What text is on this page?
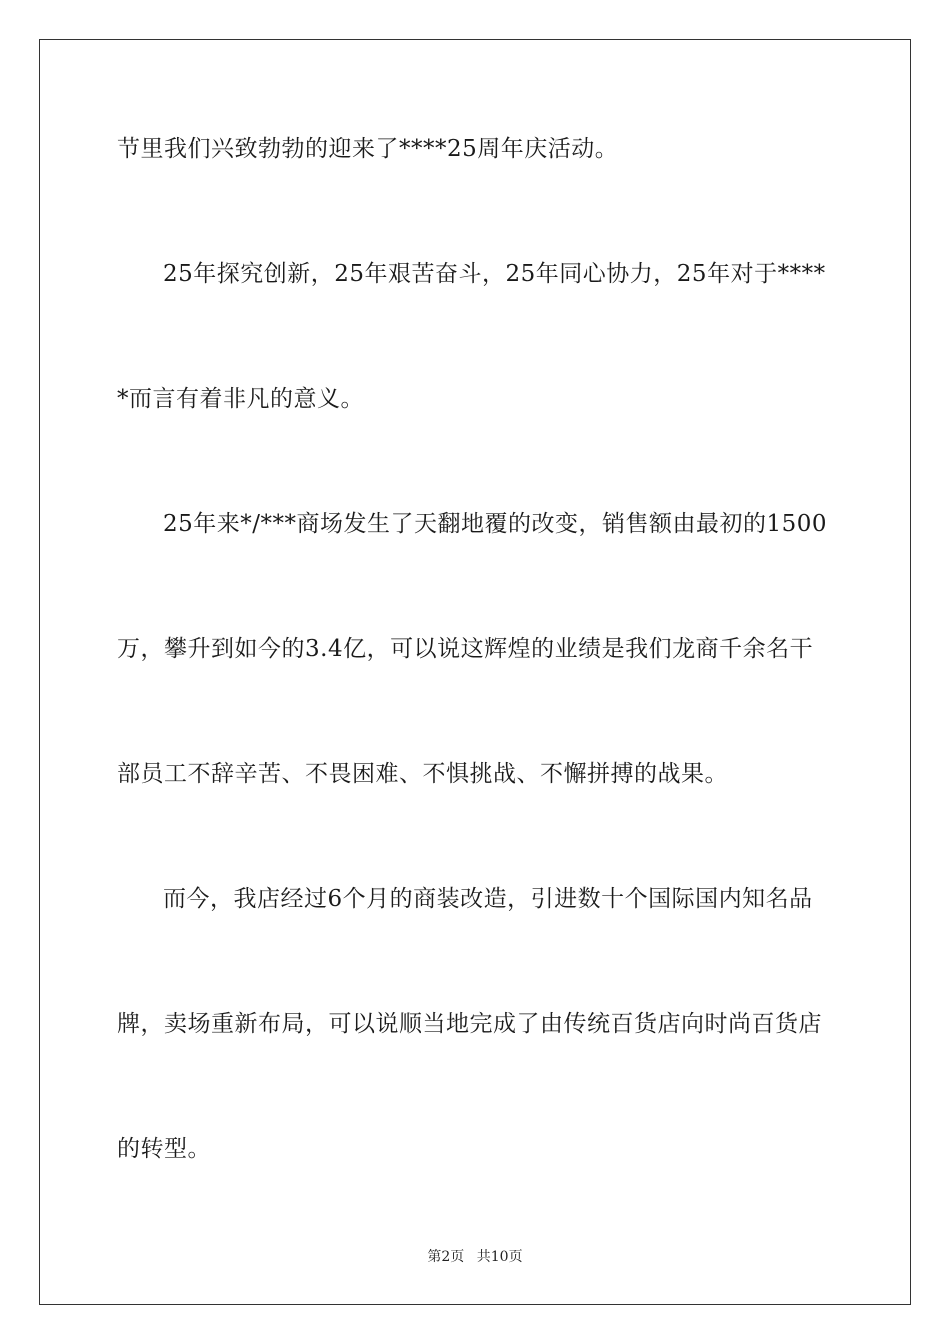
节里我们兴致勃勃的迎来了****25周年庆活动。
25年探究创新，25年艰苦奋斗，25年同心协力，25年对于****
*而言有着非凡的意义。
25年来*/***商场发生了天翻地覆的改变，销售额由最初的1500
万，攀升到如今的3.4亿，可以说这辉煌的业绩是我们龙商千余名干
部员工不辞辛苦、不畏困难、不惧挑战、不懈拼搏的战果。
而今，我店经过6个月的商装改造，引进数十个国际国内知名品
牌，卖场重新布局，可以说顺当地完成了由传统百货店向时尚百货店
的转型。
第2页 共10页
